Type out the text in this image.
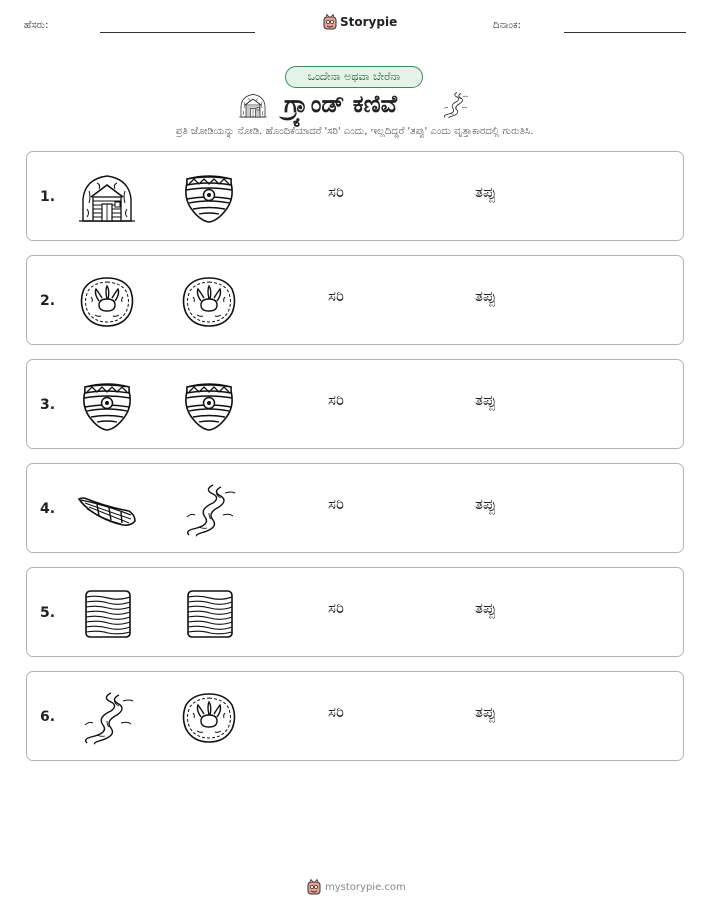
ಹೆಸರು:	Storypie	ದಿನಾಂಕ:
ಒಂದೇನಾ ಅಥವಾ ಬೇರೆನಾ
ಗ್ರ್ಯಾಂಡ್ ಕಣಿವೆ
ಪ್ರತಿ ಜೋಡಿಯನ್ನು ನೋಡಿ. ಹೊಂದಿಕೆಯಾದರೆ 'ಸರಿ' ಎಂದು, ಇಲ್ಲದಿದ್ದರೆ 'ತಪ್ಪು' ಎಂದು ವೃತ್ತಾಕಾರದಲ್ಲಿ ಗುರುತಿಸಿ.
1.	ಸರಿ	ತಪ್ಪು
2.	ಸರಿ	ತಪ್ಪು
3.	ಸರಿ	ತಪ್ಪು
4.	ಸರಿ	ತಪ್ಪು
5.	ಸರಿ	ತಪ್ಪು
6.	ಸರಿ	ತಪ್ಪು
mystorypie.com
